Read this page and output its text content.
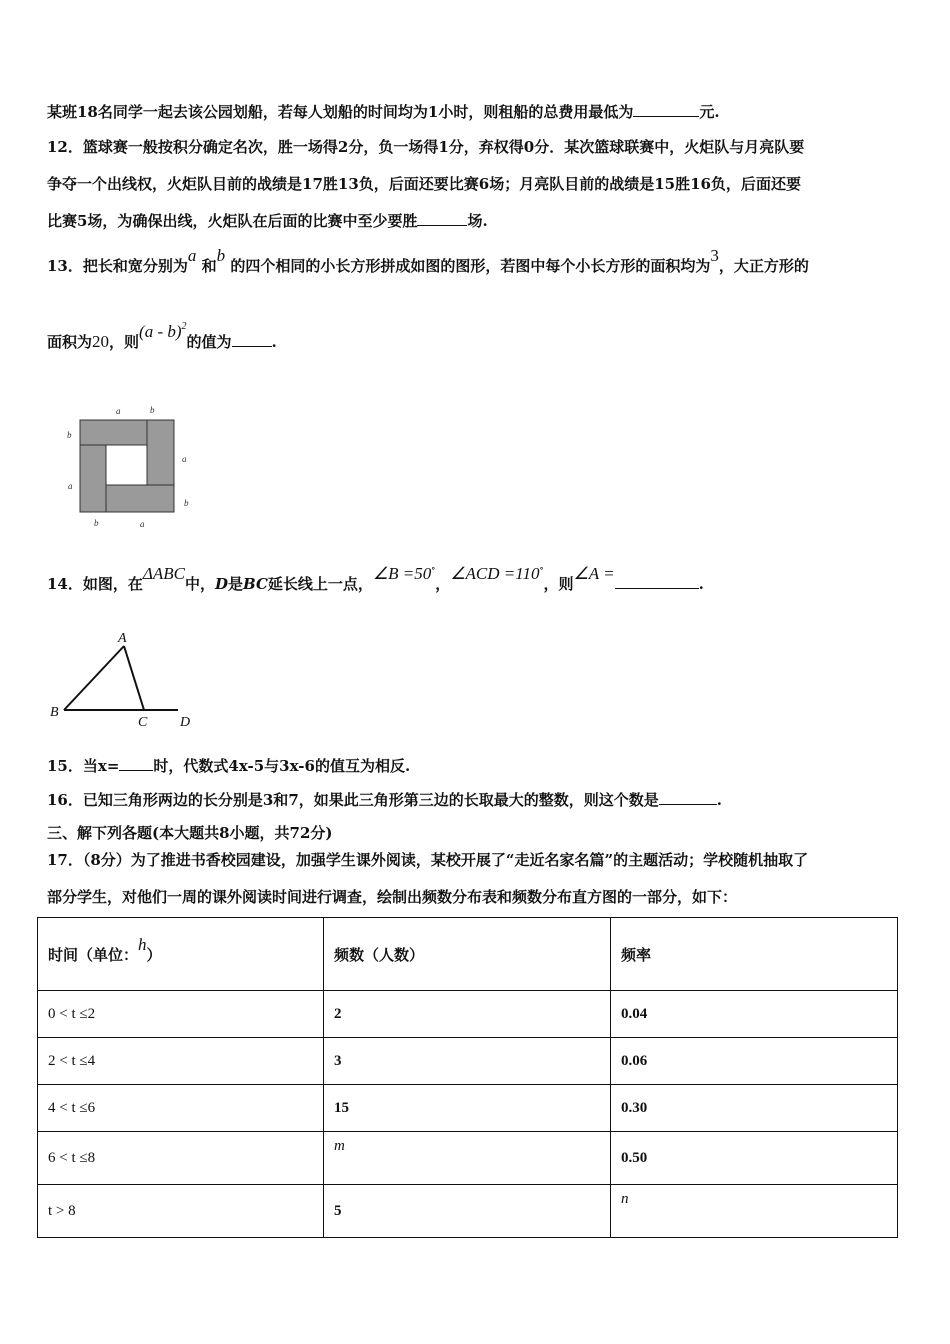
某班18名同学一起去该公园划船，若每人划船的时间均为1小时，则租船的总费用最低为	元.
12．篮球赛一般按积分确定名次，胜一场得2分，负一场得1分，弃权得0分．某次篮球联赛中，火炬队与月亮队要
争夺一个出线权，火炬队目前的战绩是17胜13负，后面还要比赛6场；月亮队目前的战绩是15胜16负，后面还要
比赛5场，为确保出线，火炬队在后面的比赛中至少要胜	场.
13．把长和宽分别为a 和b 的四个相同的小长方形拼成如图的图形，若图中每个小长方形的面积均为3，大正方形的
面积为20，则(a - b)$^2$的值为	.
a	b
b
a
a
b
b	a
14．如图，在ΔABC中，D是BC延长线上一点，∠B =50°，∠ACD =110°，则∠A =.
A
B
C D
15．当x= 时，代数式4x-5与3x-6的值互为相反.
16．已知三角形两边的长分别是3和7，如果此三角形第三边的长取最大的整数，则这个数是	.
三、解下列各题(本大题共8小题，共72分)
17．（8分）为了推进书香校园建设，加强学生课外阅读，某校开展了“走近名家名篇”的主题活动；学校随机抽取了
部分学生，对他们一周的课外阅读时间进行调查，绘制出频数分布表和频数分布直方图的一部分，如下：
时间（单位：h）	频数（人数）	频率
0 < t ≤2	2	0.04
2 < t ≤4	3	0.06
4 < t ≤6	15	0.30
6 < t ≤8	m	0.50
t > 8	5	n
